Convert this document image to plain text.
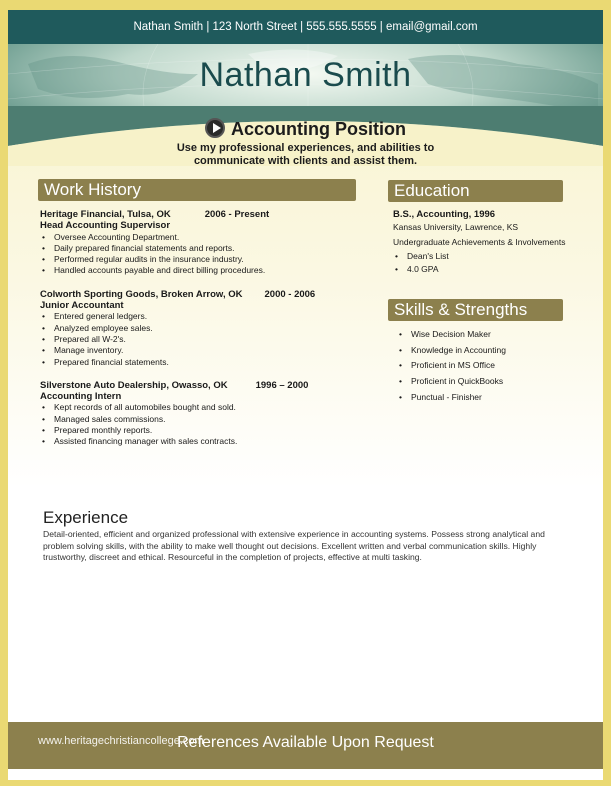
Nathan Smith | 123 North Street | 555.555.5555 | email@gmail.com
Nathan Smith
Accounting Position
Use my professional experiences, and abilities to
communicate with clients and assist them.
Work History
Heritage Financial, Tulsa, OK	2006 - Present
Head Accounting Supervisor
• Oversee Accounting Department.
• Daily prepared financial statements and reports.
• Performed regular audits in the insurance industry.
• Handled accounts payable and direct billing procedures.
Colworth Sporting Goods, Broken Arrow, OK 2000 - 2006
Junior Accountant
• Entered general ledgers.
• Analyzed employee sales.
• Prepared all W-2's.
• Manage inventory.
• Prepared financial statements.
Silverstone Auto Dealership, Owasso, OK	1996 – 2000
Accounting Intern
• Kept records of all automobiles bought and sold.
• Managed sales commissions.
• Prepared monthly reports.
• Assisted financing manager with sales contracts.
Education
B.S., Accounting, 1996
Kansas University, Lawrence, KS
Undergraduate Achievements & Involvements
• Dean's List
• 4.0 GPA
Skills & Strengths
• Wise Decision Maker
• Knowledge in Accounting
• Proficient in MS Office
• Proficient in QuickBooks
• Punctual - Finisher
Experience
Detail-oriented, efficient and organized professional with extensive experience in accounting systems. Possess strong analytical and problem solving skills, with the ability to make well thought out decisions. Excellent written and verbal communication skills. Highly trustworthy, discreet and ethical. Resourceful in the completion of projects, effective at multi tasking.
References Available Upon Request
www.heritagechristiancollege.com
